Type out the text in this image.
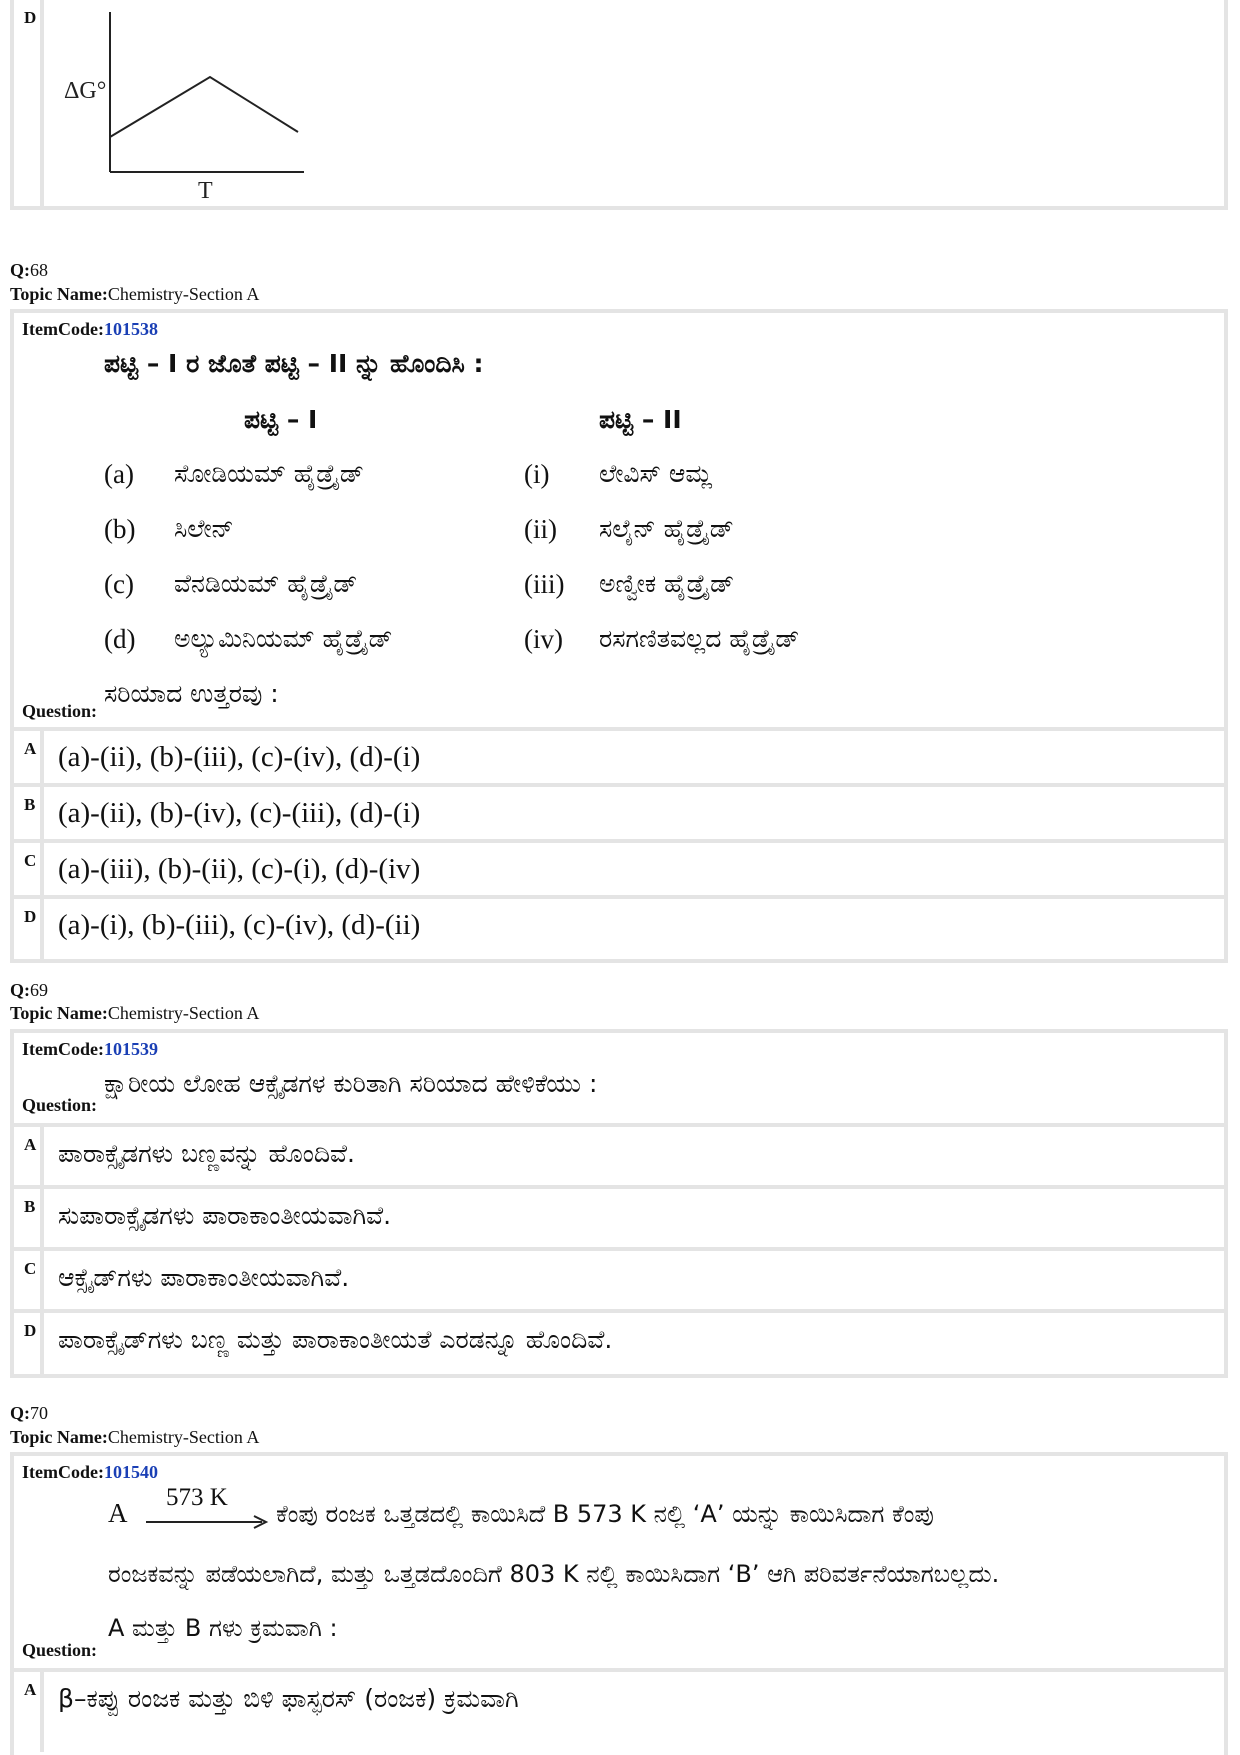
D
ΔG°
T
Q:68
Topic Name:Chemistry-Section A
ItemCode:101538
ಪಟ್ಟಿ – I ರ ಜೊತೆ ಪಟ್ಟಿ – II ನ್ನು ಹೊಂದಿಸಿ :
ಪಟ್ಟಿ – I	ಪಟ್ಟಿ – II
(a) ಸೋಡಿಯಮ್ ಹೈಡ್ರೈಡ್	(i) ಲೇವಿಸ್ ಆಮ್ಲ
(b) ಸಿಲೇನ್	(ii) ಸಲೈನ್ ಹೈಡ್ರೈಡ್
(c) ವೆನಡಿಯಮ್ ಹೈಡ್ರೈಡ್	(iii) ಅಣ್ವೀಕ ಹೈಡ್ರೈಡ್
(d) ಅಲ್ಯುಮಿನಿಯಮ್ ಹೈಡ್ರೈಡ್	(iv) ರಸಗಣಿತವಲ್ಲದ ಹೈಡ್ರೈಡ್
ಸರಿಯಾದ ಉತ್ತರವು :
Question:
A (a)-(ii), (b)-(iii), (c)-(iv), (d)-(i)
B (a)-(ii), (b)-(iv), (c)-(iii), (d)-(i)
C (a)-(iii), (b)-(ii), (c)-(i), (d)-(iv)
D (a)-(i), (b)-(iii), (c)-(iv), (d)-(ii)
Q:69
Topic Name:Chemistry-Section A
ItemCode:101539
ಕ್ಷಾರೀಯ ಲೋಹ ಆಕ್ಸೈಡಗಳ ಕುರಿತಾಗಿ ಸರಿಯಾದ ಹೇಳಿಕೆಯು :
Question:
A ಪಾರಾಕ್ಸೈಡಗಳು ಬಣ್ಣವನ್ನು ಹೊಂದಿವೆ.
B ಸುಪಾರಾಕ್ಸೈಡಗಳು ಪಾರಾಕಾಂತೀಯವಾಗಿವೆ.
C ಆಕ್ಸೈಡ್‌ಗಳು ಪಾರಾಕಾಂತೀಯವಾಗಿವೆ.
D ಪಾರಾಕ್ಸೈಡ್‌ಗಳು ಬಣ್ಣ ಮತ್ತು ಪಾರಾಕಾಂತೀಯತೆ ಎರಡನ್ನೂ ಹೊಂದಿವೆ.
Q:70
Topic Name:Chemistry-Section A
ItemCode:101540
A
573 K
ಕೆಂಪು ರಂಜಕ ಒತ್ತಡದಲ್ಲಿ ಕಾಯಿಸಿದೆ B 573 K ನಲ್ಲಿ ‘A’ ಯನ್ನು ಕಾಯಿಸಿದಾಗ ಕೆಂಪು
ರಂಜಕವನ್ನು ಪಡೆಯಲಾಗಿದೆ, ಮತ್ತು ಒತ್ತಡದೊಂದಿಗೆ 803 K ನಲ್ಲಿ ಕಾಯಿಸಿದಾಗ ‘B’ ಆಗಿ ಪರಿವರ್ತನೆಯಾಗಬಲ್ಲದು.
A ಮತ್ತು B ಗಳು ಕ್ರಮವಾಗಿ :
Question:
A β–ಕಪ್ಪು ರಂಜಕ ಮತ್ತು ಬಿಳಿ ಫಾಸ್ಫರಸ್ (ರಂಜಕ) ಕ್ರಮವಾಗಿ
